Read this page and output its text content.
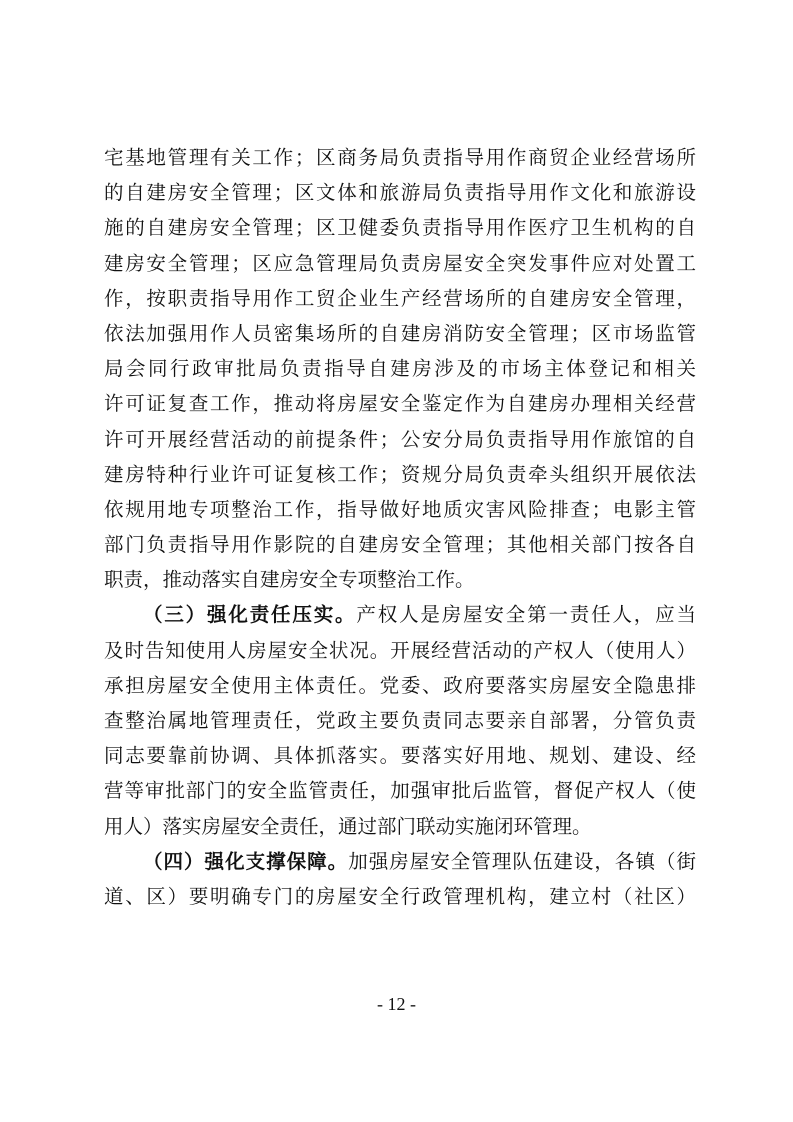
宅基地管理有关工作；区商务局负责指导用作商贸企业经营场所
的自建房安全管理；区文体和旅游局负责指导用作文化和旅游设
施的自建房安全管理；区卫健委负责指导用作医疗卫生机构的自
建房安全管理；区应急管理局负责房屋安全突发事件应对处置工
作，按职责指导用作工贸企业生产经营场所的自建房安全管理，
依法加强用作人员密集场所的自建房消防安全管理；区市场监管
局会同行政审批局负责指导自建房涉及的市场主体登记和相关
许可证复查工作，推动将房屋安全鉴定作为自建房办理相关经营
许可开展经营活动的前提条件；公安分局负责指导用作旅馆的自
建房特种行业许可证复核工作；资规分局负责牵头组织开展依法
依规用地专项整治工作，指导做好地质灾害风险排查；电影主管
部门负责指导用作影院的自建房安全管理；其他相关部门按各自
职责，推动落实自建房安全专项整治工作。
（三）强化责任压实。产权人是房屋安全第一责任人，应当
及时告知使用人房屋安全状况。开展经营活动的产权人（使用人）
承担房屋安全使用主体责任。党委、政府要落实房屋安全隐患排
查整治属地管理责任，党政主要负责同志要亲自部署，分管负责
同志要靠前协调、具体抓落实。要落实好用地、规划、建设、经
营等审批部门的安全监管责任，加强审批后监管，督促产权人（使
用人）落实房屋安全责任，通过部门联动实施闭环管理。
（四）强化支撑保障。加强房屋安全管理队伍建设，各镇（街
道、区）要明确专门的房屋安全行政管理机构，建立村（社区）
- 12 -
